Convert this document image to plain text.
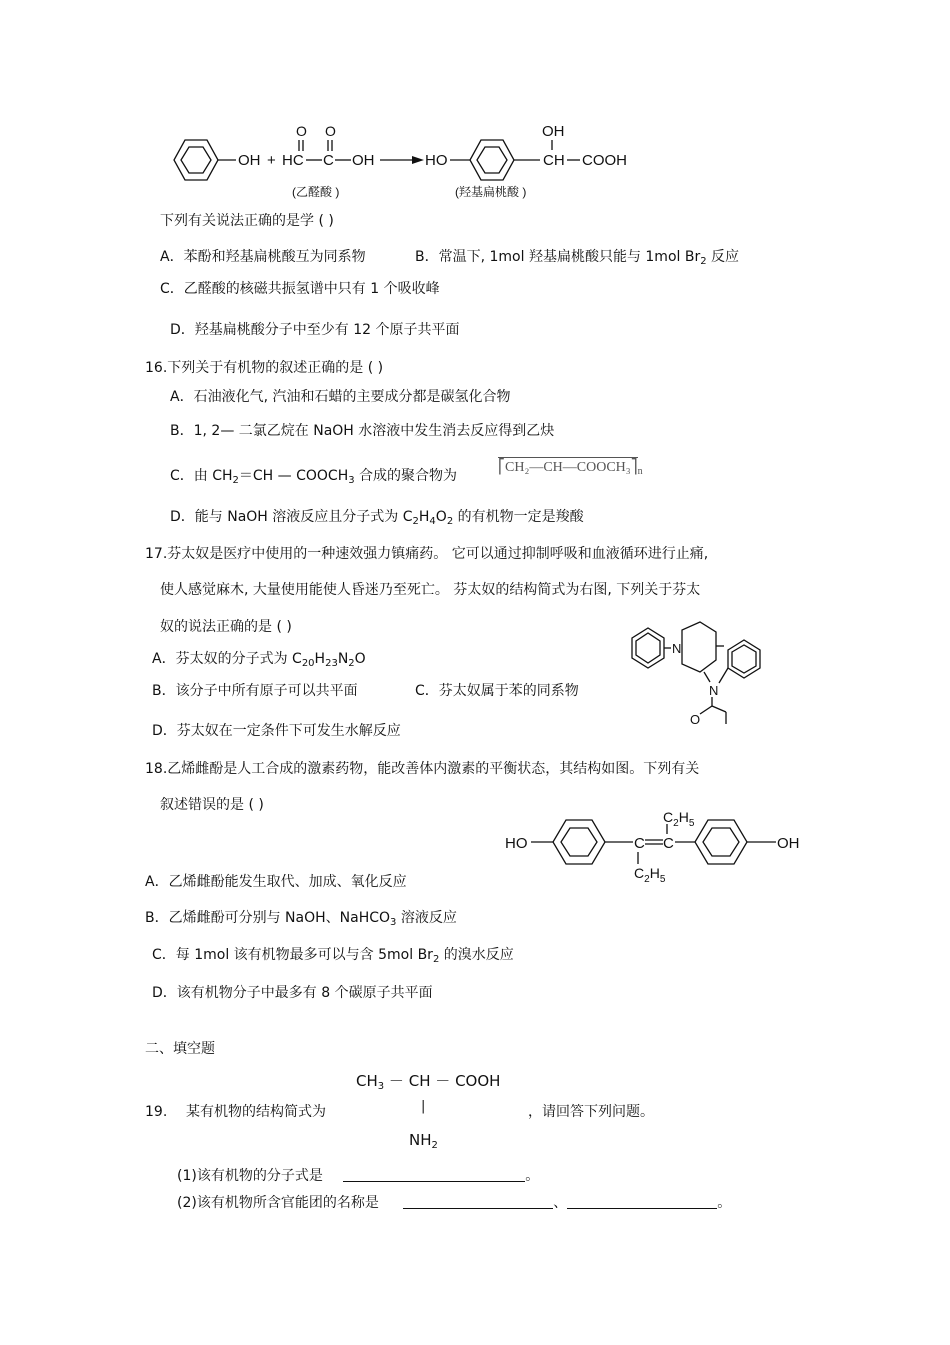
OH +
O O
HC C OH	HO
OH
CH COOH
(乙醛酸 )	(羟基扁桃酸 )
下列有关说法正确的是学 ( )
A．苯酚和羟基扁桃酸互为同系物	B．常温下, 1mol 羟基扁桃酸只能与 1mol $Br_2$ 反应
C．乙醛酸的核磁共振氢谱中只有 1 个吸收峰
D．羟基扁桃酸分子中至少有 12 个原子共平面
16.下列关于有机物的叙述正确的是 ( )
A．石油液化气, 汽油和石蜡的主要成分都是碳氢化合物
B．1, 2— 二氯乙烷在 NaOH 水溶液中发生消去反应得到乙炔
C．由 $CH_2=CH$ — $COOCH_3$ 合成的聚合物为
$⎡CH_2—CH—COOCH_3⎤_n$
D．能与 NaOH 溶液反应且分子式为 $C_2H_4O_2$ 的有机物一定是羧酸
17.芬太奴是医疗中使用的一种速效强力镇痛药。 它可以通过抑制呼吸和血液循环进行止痛,
使人感觉麻木, 大量使用能使人昏迷乃至死亡。 芬太奴的结构简式为右图, 下列关于芬太
奴的说法正确的是 ( )
A．芬太奴的分子式为 $C_{20}H_{23}N_2O$
B．该分子中所有原子可以共平面	C．芬太奴属于苯的同系物
D．芬太奴在一定条件下可发生水解反应
N
N
O
18.乙烯雌酚是人工合成的激素药物，能改善体内激素的平衡状态，其结构如图。下列有关
叙述错误的是 ( )
HO	C C
$C_2H_5$
$C_2H_5$
OH
A．乙烯雌酚能发生取代、加成、氧化反应
B．乙烯雌酚可分别与 NaOH、NaHCO$_3$ 溶液反应
C．每 1mol 该有机物最多可以与含 5mol $Br_2$ 的溴水反应
D．该有机物分子中最多有 8 个碳原子共平面
二、填空题
$CH_3$ － CH － COOH
19. 某有机物的结构简式为	|	，请回答下列问题。
$NH_2$
(1)该有机物的分子式是	。
(2)该有机物所含官能团的名称是	、	。
